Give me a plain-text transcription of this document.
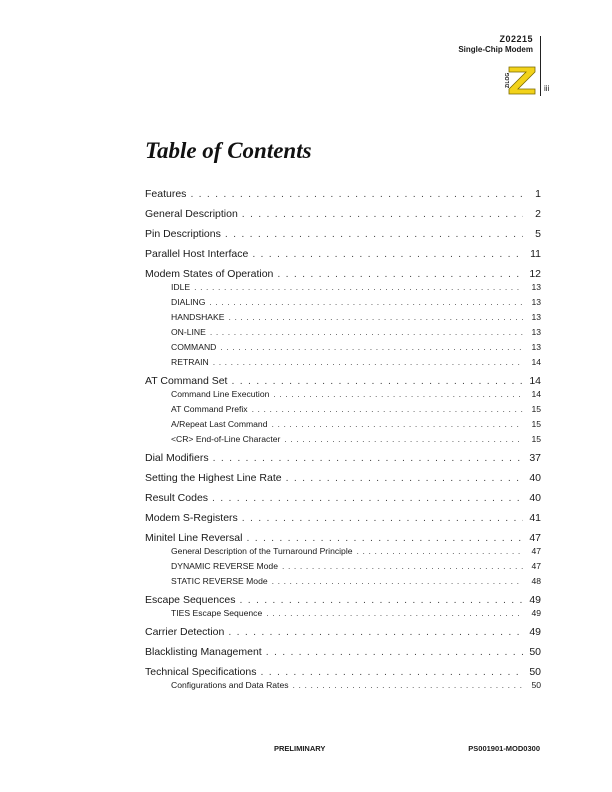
Z02215
Single-Chip Modem
ZiLOG
iii
Table of Contents
Features . . .	1
General Description . . .	2
Pin Descriptions . . .	5
Parallel Host Interface . . .	11
Modem States of Operation . . .	12
IDLE . . .	13
DIALING . . .	13
HANDSHAKE . . .	13
ON-LINE . . .	13
COMMAND . . .	13
RETRAIN . . .	14
AT Command Set . . .	14
Command Line Execution . . .	14
AT Command Prefix . . .	15
A/Repeat Last Command . . .	15
<CR> End-of-Line Character . . .	15
Dial Modifiers . . .	37
Setting the Highest Line Rate . . .	40
Result Codes . . .	40
Modem S-Registers . . .	41
Minitel Line Reversal . . .	47
General Description of the Turnaround Principle . . .	47
DYNAMIC REVERSE Mode . . .	47
STATIC REVERSE Mode . . .	48
Escape Sequences . . .	49
TIES Escape Sequence . . .	49
Carrier Detection . . .	49
Blacklisting Management . . .	50
Technical Specifications . . .	50
Configurations and Data Rates . . .	50
PRELIMINARY	PS001901-MOD0300
